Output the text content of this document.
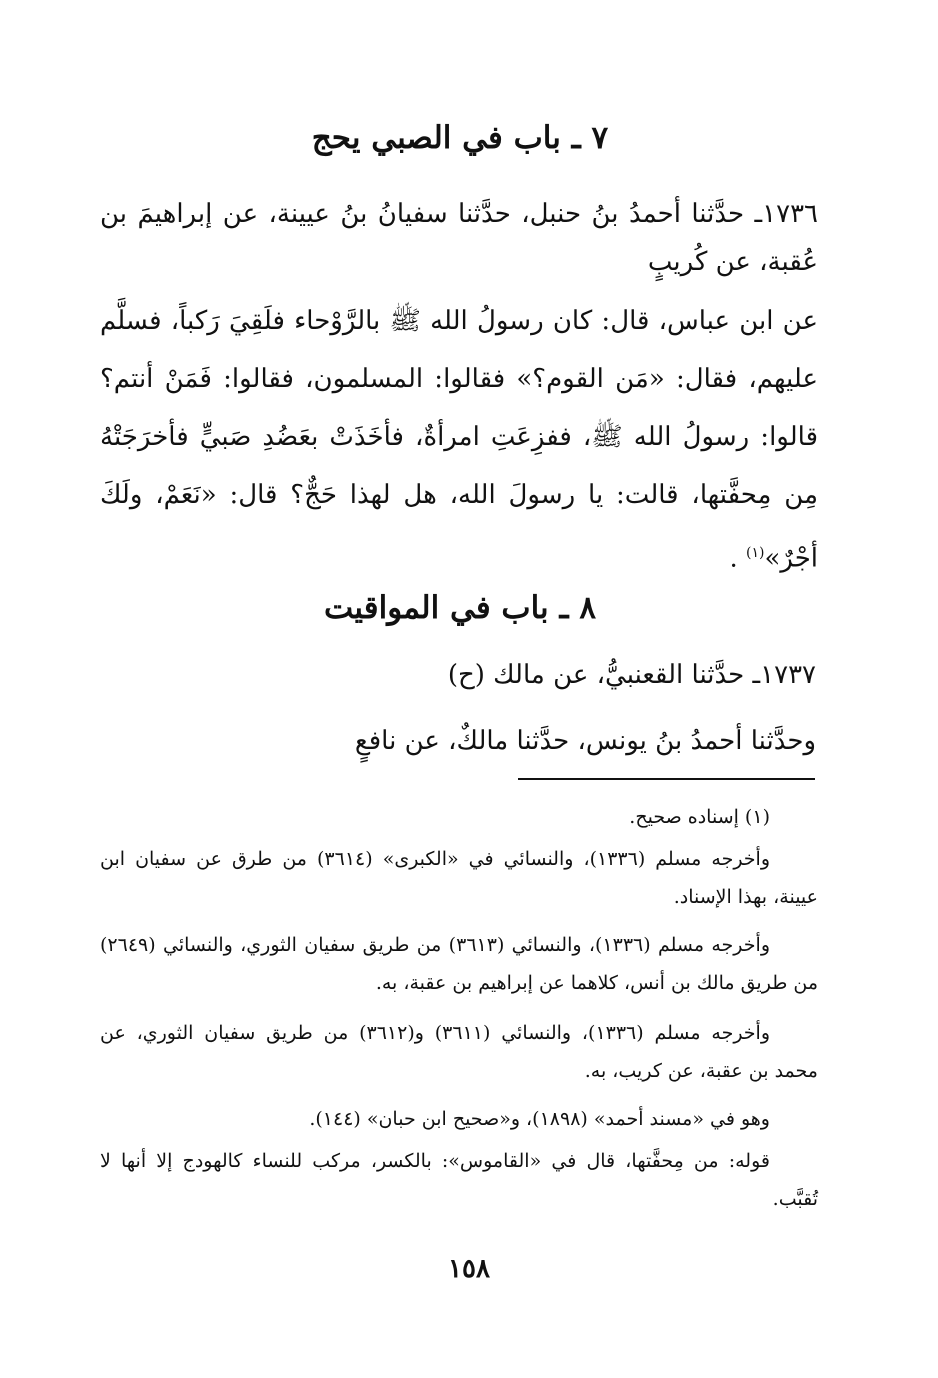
٧ ـ باب في الصبي يحج
١٧٣٦ـ حدَّثنا أحمدُ بنُ حنبل، حدَّثنا سفيانُ بنُ عيينة، عن إبراهيمَ بن عُقبة، عن كُريبٍ
عن ابن عباس، قال: كان رسولُ الله ﷺ بالرَّوْحاء فلَقِيَ رَكباً، فسلَّم عليهم، فقال: «مَن القوم؟» فقالوا: المسلمون، فقالوا: فَمَنْ أنتم؟ قالوا: رسولُ الله ﷺ، ففزِعَتِ امرأةٌ، فأخَذَتْ بعَضُدِ صَبيٍّ فأخرَجَتْهُ مِن مِحفَّتها، قالت: يا رسولَ الله، هل لهذا حَجٌّ؟ قال: «نَعَمْ، ولَكَ أجْرٌ»$^{(١)}$ .
٨ ـ باب في المواقيت
١٧٣٧ـ حدَّثنا القعنبيُّ، عن مالك (ح)
وحدَّثنا أحمدُ بنُ يونس، حدَّثنا مالكٌ، عن نافعٍ
(١) إسناده صحيح.
وأخرجه مسلم (١٣٣٦)، والنسائي في «الكبرى» (٣٦١٤) من طرق عن سفيان ابن عيينة، بهذا الإسناد.
وأخرجه مسلم (١٣٣٦)، والنسائي (٣٦١٣) من طريق سفيان الثوري، والنسائي (٢٦٤٩) من طريق مالك بن أنس، كلاهما عن إبراهيم بن عقبة، به.
وأخرجه مسلم (١٣٣٦)، والنسائي (٣٦١١) و(٣٦١٢) من طريق سفيان الثوري، عن محمد بن عقبة، عن كريب، به.
وهو في «مسند أحمد» (١٨٩٨)، و«صحيح ابن حبان» (١٤٤).
قوله: من مِحفَّتها، قال في «القاموس»: بالكسر، مركب للنساء كالهودج إلا أنها لا تُقبَّب.
١٥٨
